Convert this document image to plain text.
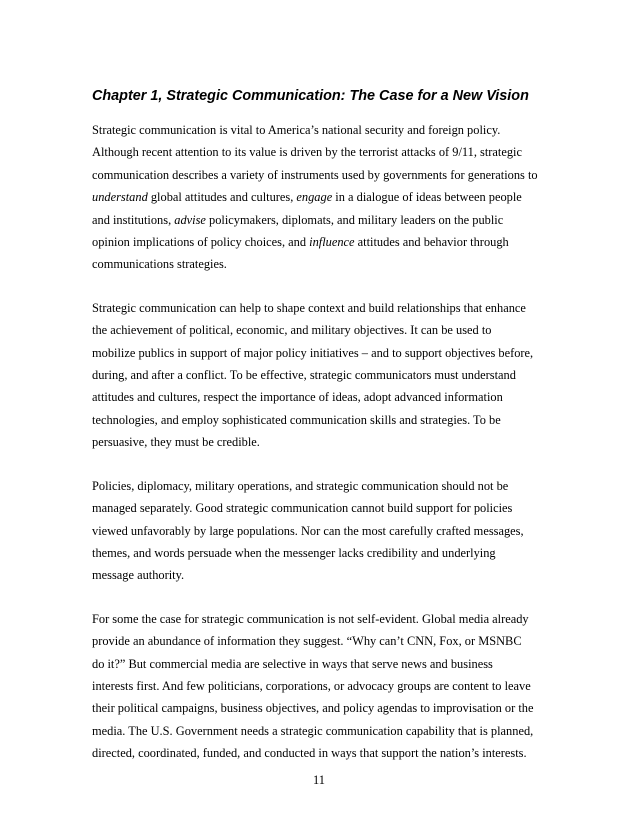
Chapter 1, Strategic Communication: The Case for a New Vision

Strategic communication is vital to America’s national security and foreign policy.
Although recent attention to its value is driven by the terrorist attacks of 9/11, strategic
communication describes a variety of instruments used by governments for generations to
understand global attitudes and cultures, engage in a dialogue of ideas between people
and institutions, advise policymakers, diplomats, and military leaders on the public
opinion implications of policy choices, and influence attitudes and behavior through
communications strategies.

Strategic communication can help to shape context and build relationships that enhance
the achievement of political, economic, and military objectives. It can be used to
mobilize publics in support of major policy initiatives – and to support objectives before,
during, and after a conflict. To be effective, strategic communicators must understand
attitudes and cultures, respect the importance of ideas, adopt advanced information
technologies, and employ sophisticated communication skills and strategies. To be
persuasive, they must be credible.

Policies, diplomacy, military operations, and strategic communication should not be
managed separately. Good strategic communication cannot build support for policies
viewed unfavorably by large populations. Nor can the most carefully crafted messages,
themes, and words persuade when the messenger lacks credibility and underlying
message authority.

For some the case for strategic communication is not self-evident. Global media already
provide an abundance of information they suggest. “Why can’t CNN, Fox, or MSNBC
do it?” But commercial media are selective in ways that serve news and business
interests first. And few politicians, corporations, or advocacy groups are content to leave
their political campaigns, business objectives, and policy agendas to improvisation or the
media. The U.S. Government needs a strategic communication capability that is planned,
directed, coordinated, funded, and conducted in ways that support the nation’s interests.

11
